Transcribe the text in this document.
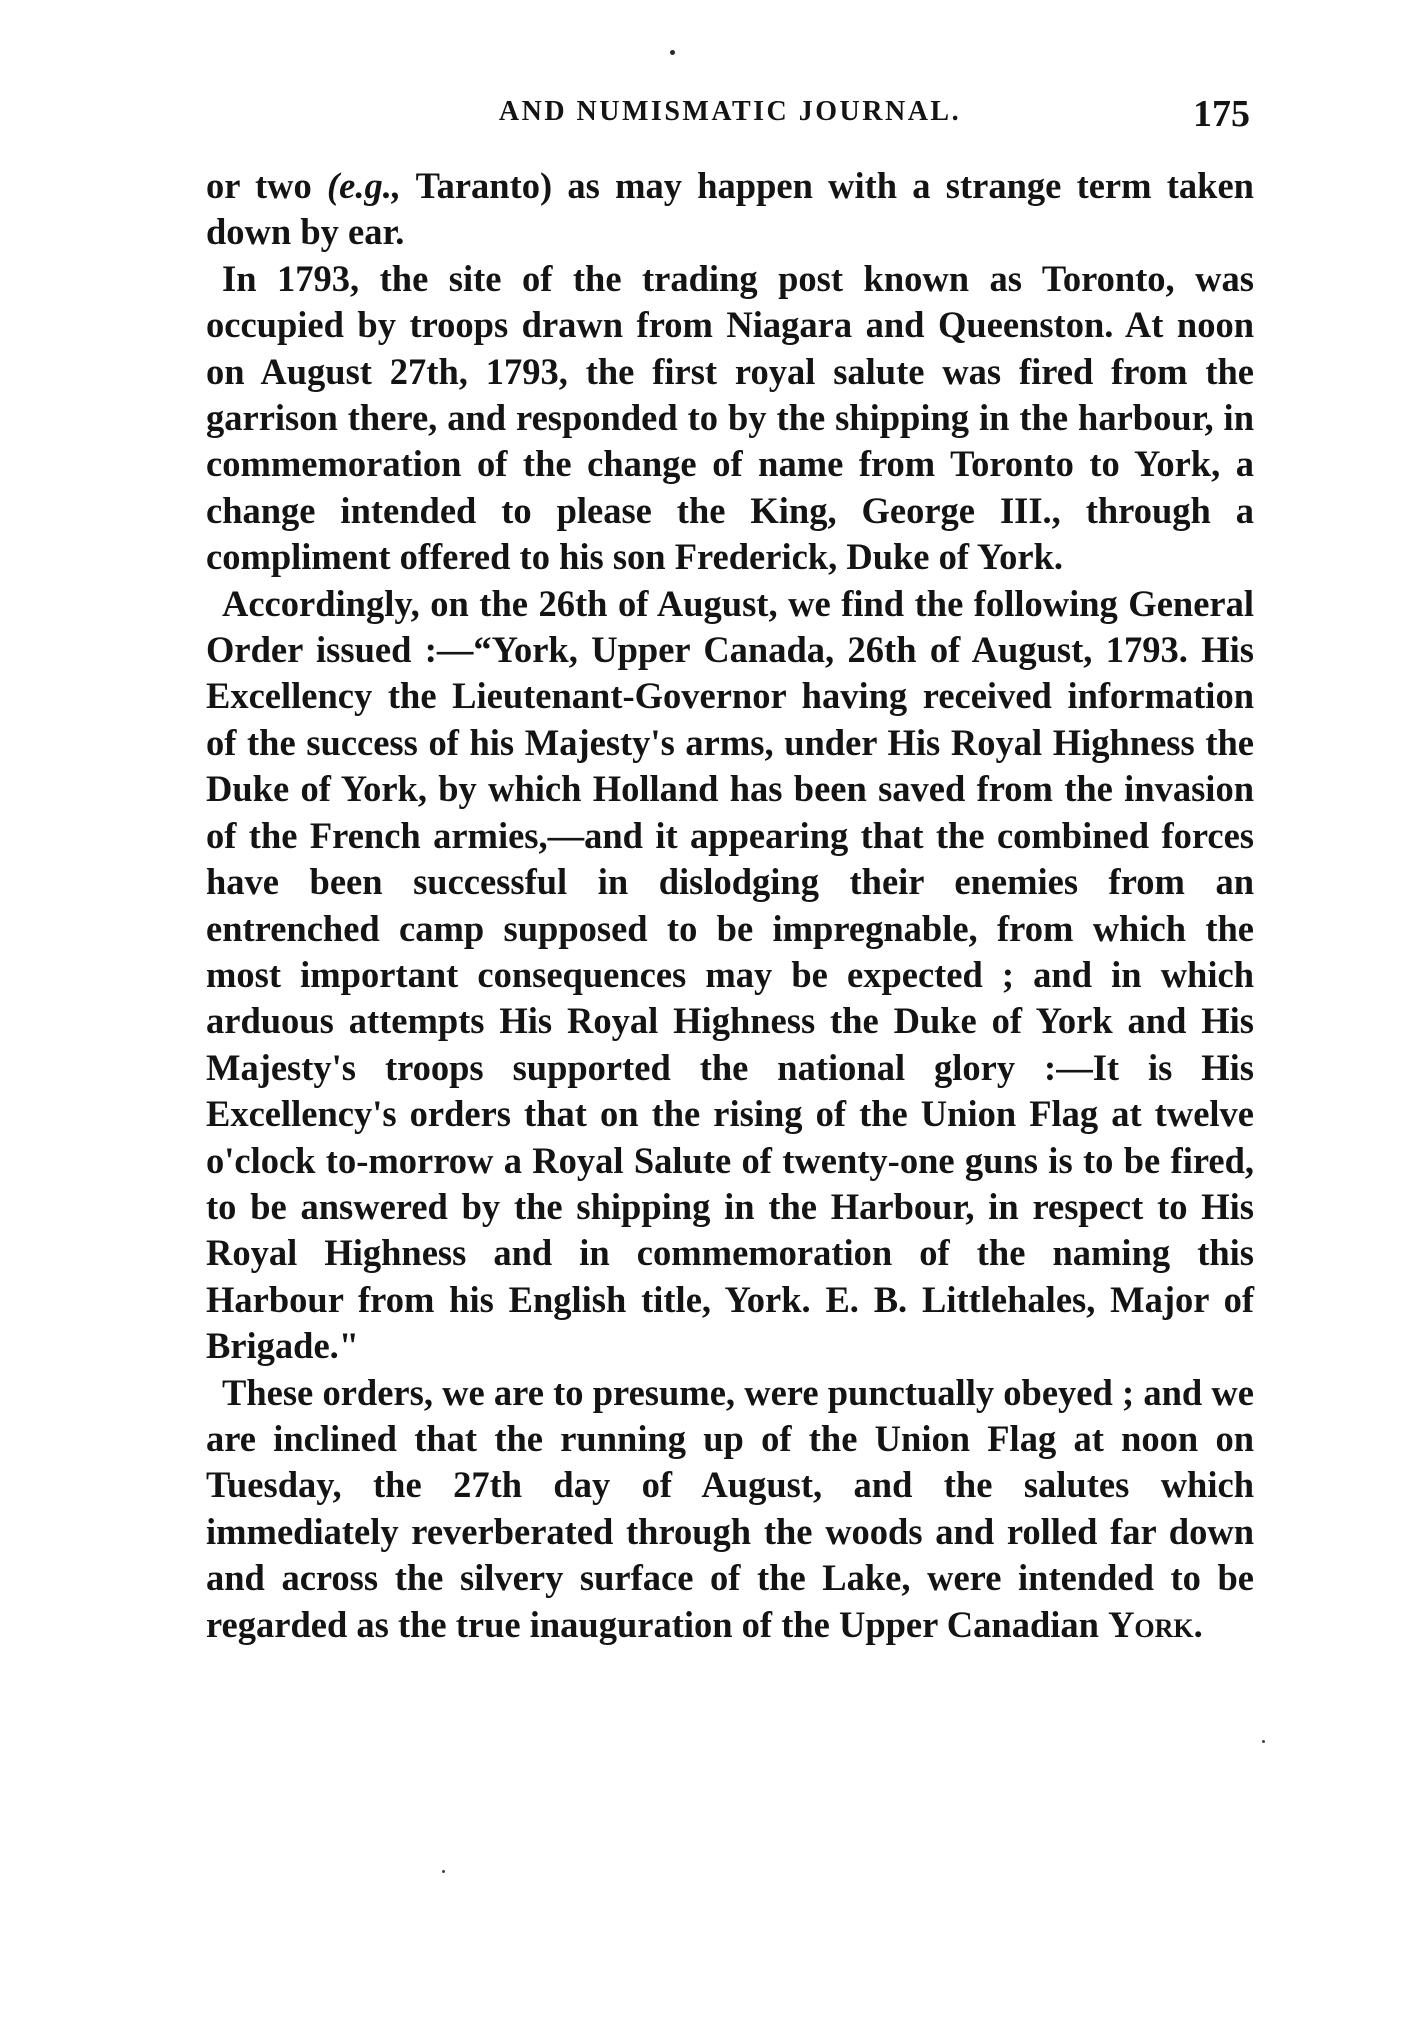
AND NUMISMATIC JOURNAL.	175

or two (e.g., Taranto) as may happen with a strange term taken down by ear.

In 1793, the site of the trading post known as Toronto, was occupied by troops drawn from Niagara and Queenston. At noon on August 27th, 1793, the first royal salute was fired from the garrison there, and responded to by the shipping in the harbour, in commemoration of the change of name from Toronto to York, a change intended to please the King, George III., through a compliment offered to his son Frederick, Duke of York.

Accordingly, on the 26th of August, we find the following General Order issued :—“York, Upper Canada, 26th of August, 1793. His Excellency the Lieutenant-Governor having received information of the success of his Majesty's arms, under His Royal Highness the Duke of York, by which Holland has been saved from the invasion of the French armies,—and it appearing that the combined forces have been successful in dislodging their enemies from an entrenched camp supposed to be impregnable, from which the most important consequences may be expected ; and in which arduous attempts His Royal Highness the Duke of York and His Majesty's troops supported the national glory :—It is His Excellency's orders that on the rising of the Union Flag at twelve o'clock to-morrow a Royal Salute of twenty-one guns is to be fired, to be answered by the shipping in the Harbour, in respect to His Royal Highness and in commemoration of the naming this Harbour from his English title, York. E. B. Littlehales, Major of Brigade."

These orders, we are to presume, were punctually obeyed ; and we are inclined that the running up of the Union Flag at noon on Tuesday, the 27th day of August, and the salutes which immediately reverberated through the woods and rolled far down and across the silvery surface of the Lake, were intended to be regarded as the true inauguration of the Upper Canadian York.
